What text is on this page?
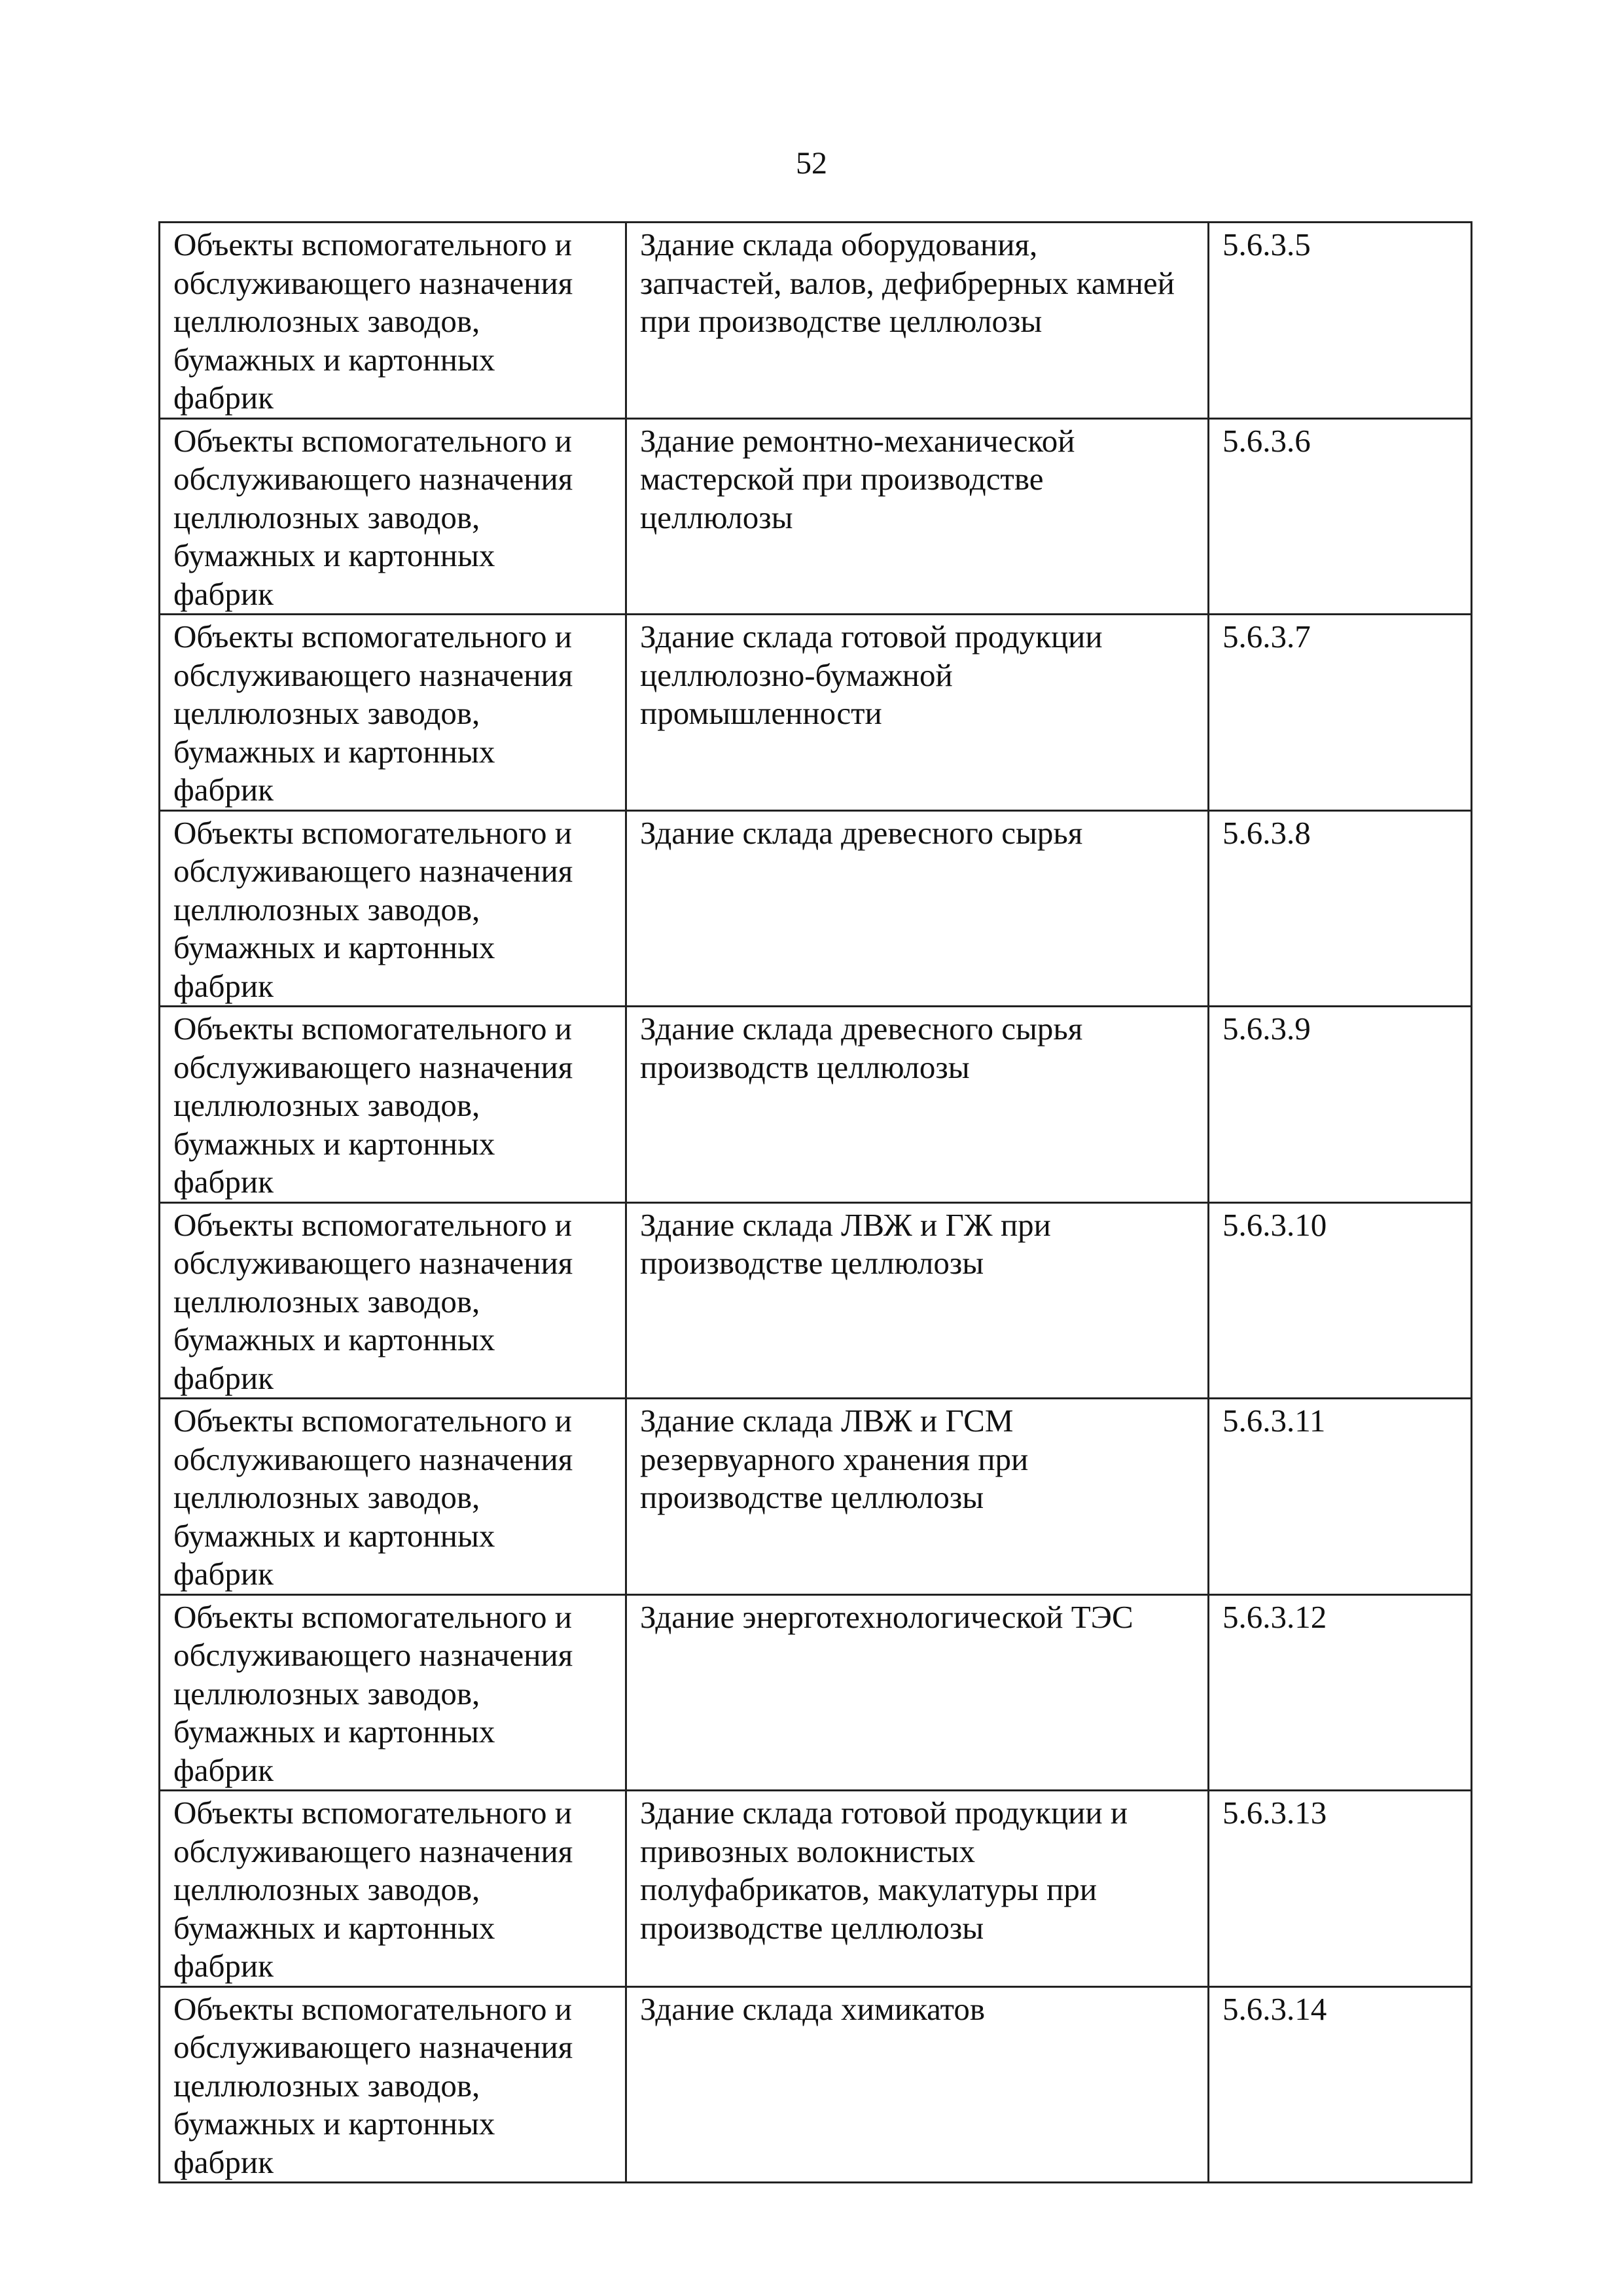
52
Объекты вспомогательного и
обслуживающего назначения
целлюлозных заводов,
бумажных и картонных
фабрик	Здание склада оборудования,
запчастей, валов, дефибрерных камней
при производстве целлюлозы	5.6.3.5

Объекты вспомогательного и
обслуживающего назначения
целлюлозных заводов,
бумажных и картонных
фабрик	Здание ремонтно-механической
мастерской при производстве
целлюлозы	5.6.3.6

Объекты вспомогательного и
обслуживающего назначения
целлюлозных заводов,
бумажных и картонных
фабрик	Здание склада готовой продукции
целлюлозно-бумажной
промышленности	5.6.3.7

Объекты вспомогательного и
обслуживающего назначения
целлюлозных заводов,
бумажных и картонных
фабрик	Здание склада древесного сырья	5.6.3.8

Объекты вспомогательного и
обслуживающего назначения
целлюлозных заводов,
бумажных и картонных
фабрик	Здание склада древесного сырья
производств целлюлозы	5.6.3.9

Объекты вспомогательного и
обслуживающего назначения
целлюлозных заводов,
бумажных и картонных
фабрик	Здание склада ЛВЖ и ГЖ при
производстве целлюлозы	5.6.3.10

Объекты вспомогательного и
обслуживающего назначения
целлюлозных заводов,
бумажных и картонных
фабрик	Здание склада ЛВЖ и ГСМ
резервуарного хранения при
производстве целлюлозы	5.6.3.11

Объекты вспомогательного и
обслуживающего назначения
целлюлозных заводов,
бумажных и картонных
фабрик	Здание энерготехнологической ТЭС	5.6.3.12

Объекты вспомогательного и
обслуживающего назначения
целлюлозных заводов,
бумажных и картонных
фабрик	Здание склада готовой продукции и
привозных волокнистых
полуфабрикатов, макулатуры при
производстве целлюлозы	5.6.3.13

Объекты вспомогательного и
обслуживающего назначения
целлюлозных заводов,
бумажных и картонных
фабрик	Здание склада химикатов	5.6.3.14
